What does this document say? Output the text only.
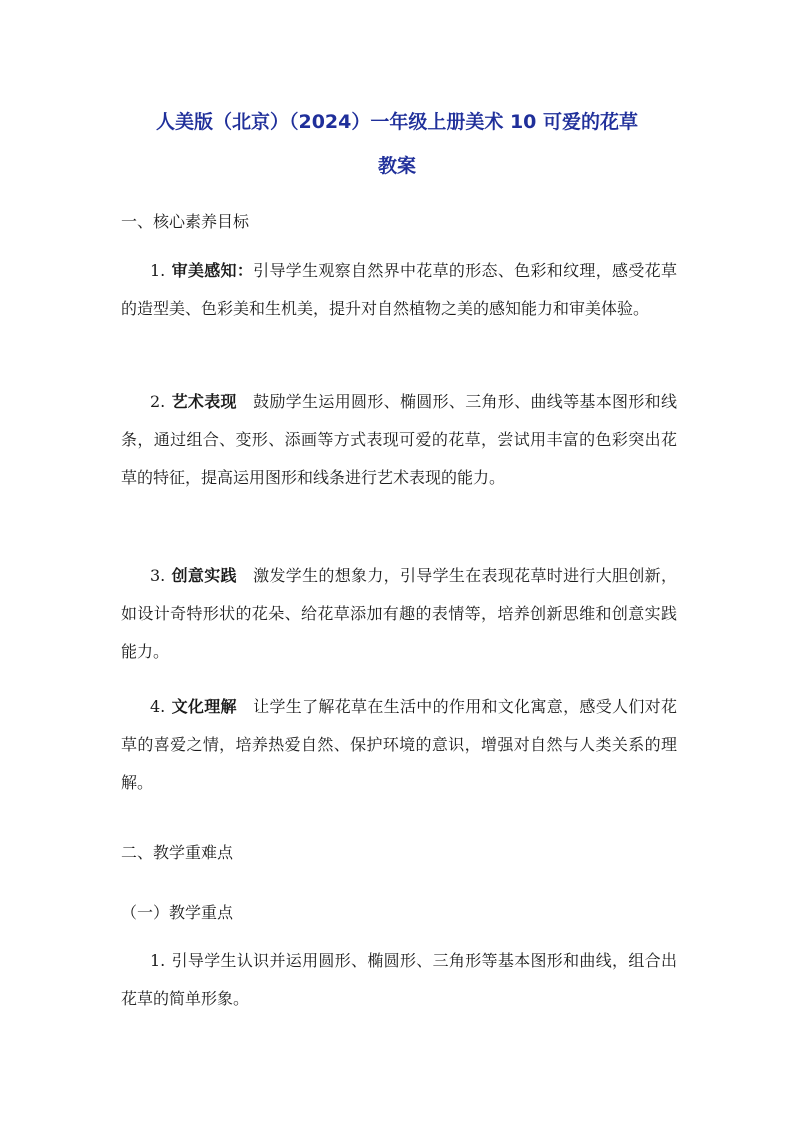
人美版（北京）（2024）一年级上册美术 10 可爱的花草
教案
一、核心素养目标
1. 审美感知：引导学生观察自然界中花草的形态、色彩和纹理，感受花草的造型美、色彩美和生机美，提升对自然植物之美的感知能力和审美体验。
2. 艺术表现　 鼓励学生运用圆形、椭圆形、三角形、曲线等基本图形和线条，通过组合、变形、添画等方式表现可爱的花草，尝试用丰富的色彩突出花草的特征，提高运用图形和线条进行艺术表现的能力。
3. 创意实践　 激发学生的想象力，引导学生在表现花草时进行大胆创新，如设计奇特形状的花朵、给花草添加有趣的表情等，培养创新思维和创意实践能力。
4. 文化理解　 让学生了解花草在生活中的作用和文化寓意，感受人们对花草的喜爱之情，培养热爱自然、保护环境的意识，增强对自然与人类关系的理解。
二、教学重难点
（一）教学重点
1. 引导学生认识并运用圆形、椭圆形、三角形等基本图形和曲线，组合出花草的简单形象。
